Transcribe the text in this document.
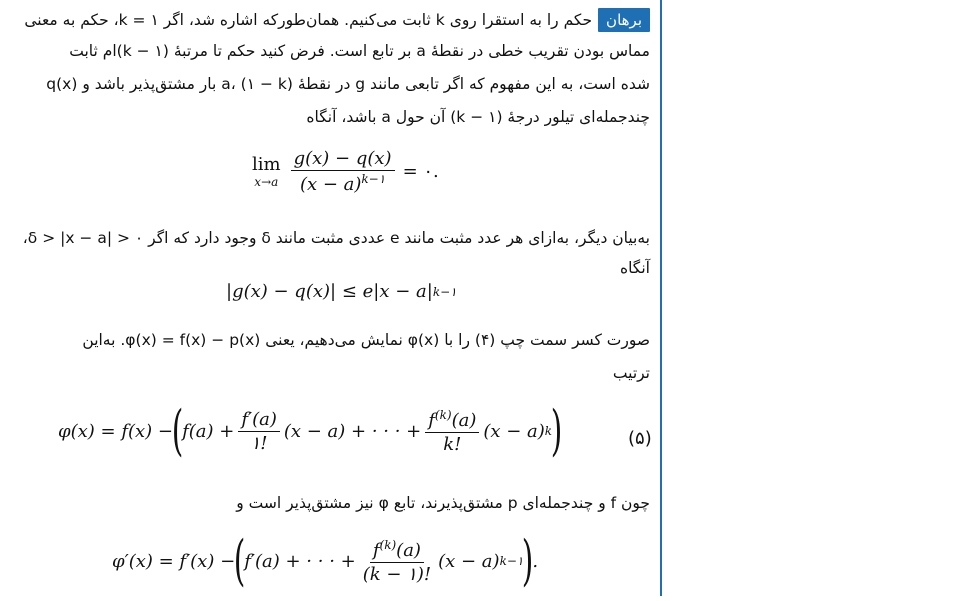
برهانحکم را به استقرا روی k ثابت می‌کنیم. همان‌طورکه اشاره شد، اگر ۱ = k، حکم به معنی
مماس بودن تقریب خطی در نقطهٔ a بر تابع است. فرض کنید حکم تا مرتبهٔ (۱ − k)ام ثابت
شده است، به این مفهوم که اگر تابعی مانند g در نقطهٔ a، (۱ − k) بار مشتق‌پذیر باشد و q(x)
چندجمله‌ای تیلور درجهٔ (۱ − k) آن حول a باشد، آنگاه
lim
$x\to a \frac{g(x) - q(x)}{(x - a)^{k-۱}}$ = ۰.
به‌بیان دیگر، به‌ازای هر عدد مثبت مانند e عددی مثبت مانند δ وجود دارد که اگر δ > |x − a| > ۰،
آنگاه
|g(x) − q(x)| ≤ e|x − a| k−۱
صورت کسر سمت چپ (۴) را با φ(x) نمایش می‌دهیم، یعنی φ(x) = f(x) − p(x). به‌این
ترتیب
φ(x) = f(x) −
(
$f(a) + \frac{f'(a)}{۱!} (x - a)$ + · · · + $\frac{f^{(k)}(a)}{k!} (x - a)$ k
)	(۵)
چون f و چندجمله‌ای p مشتق‌پذیرند، تابع φ نیز مشتق‌پذیر است و
φ′(x) = f′(x) −
(
f′(a) + · · · + $\frac{f^{(k)}(a)}{(k - ۱)!} (x - a)$ k−۱
)
.
